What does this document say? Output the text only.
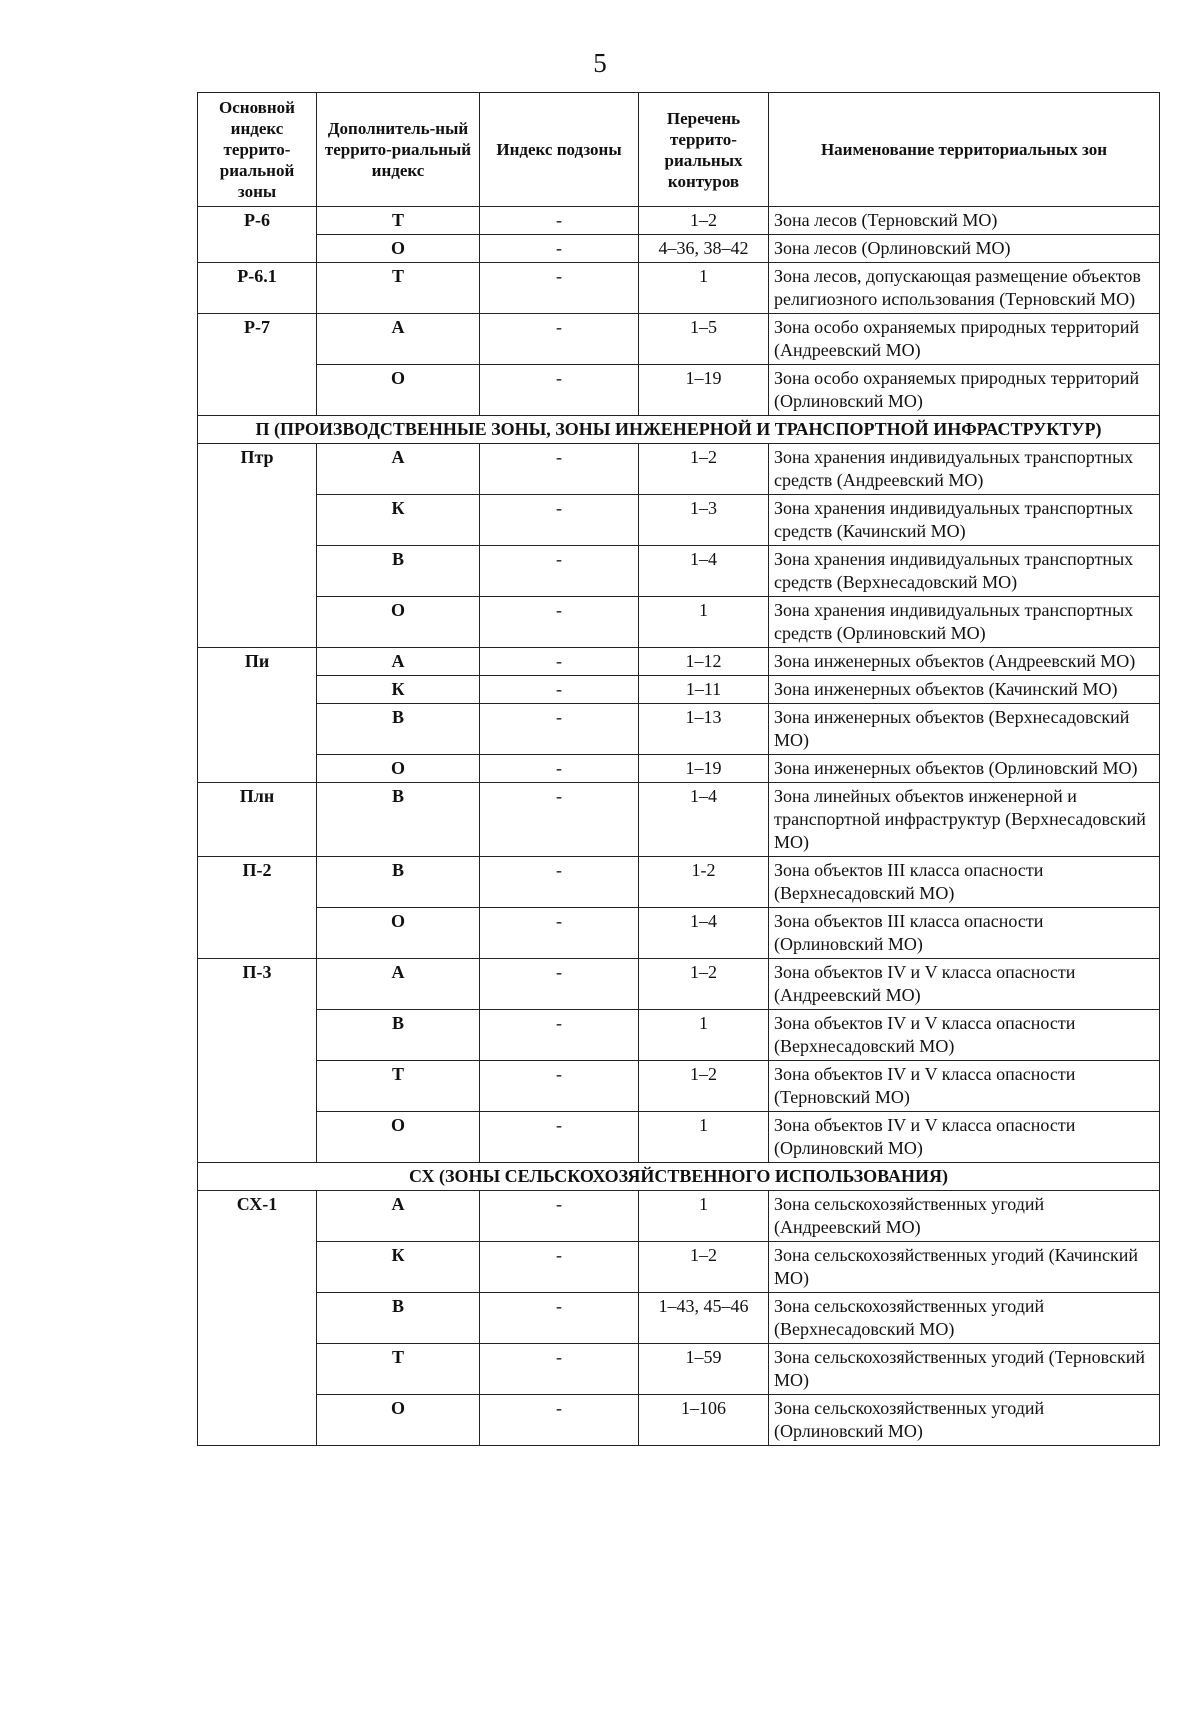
5
Основной индекс террито-риальной зоны	Дополнитель-ный террито-риальный индекс	Индекс подзоны	Перечень террито-риальных контуров	Наименование территориальных зон
Р-6	Т	-	1–2	Зона лесов (Терновский МО)
	О	-	4–36, 38–42	Зона лесов (Орлиновский МО)
Р-6.1	Т	-	1	Зона лесов, допускающая размещение объектов религиозного использования (Терновский МО)
Р-7	А	-	1–5	Зона особо охраняемых природных территорий (Андреевский МО)
	О	-	1–19	Зона особо охраняемых природных территорий (Орлиновский МО)
П (ПРОИЗВОДСТВЕННЫЕ ЗОНЫ, ЗОНЫ ИНЖЕНЕРНОЙ И ТРАНСПОРТНОЙ ИНФРАСТРУКТУР)				
Птр	А	-	1–2	Зона хранения индивидуальных транспортных средств (Андреевский МО)
	К	-	1–3	Зона хранения индивидуальных транспортных средств (Качинский МО)
	В	-	1–4	Зона хранения индивидуальных транспортных средств (Верхнесадовский МО)
	О	-	1	Зона хранения индивидуальных транспортных средств (Орлиновский МО)
Пи	А	-	1–12	Зона инженерных объектов (Андреевский МО)
	К	-	1–11	Зона инженерных объектов (Качинский МО)
	В	-	1–13	Зона инженерных объектов (Верхнесадовский МО)
	О	-	1–19	Зона инженерных объектов (Орлиновский МО)
Плн	В	-	1–4	Зона линейных объектов инженерной и транспортной инфраструктур (Верхнесадовский МО)
П-2	В	-	1-2	Зона объектов III класса опасности (Верхнесадовский МО)
	О	-	1–4	Зона объектов III класса опасности (Орлиновский МО)
П-3	А	-	1–2	Зона объектов IV и V класса опасности (Андреевский МО)
	В	-	1	Зона объектов IV и V класса опасности (Верхнесадовский МО)
	Т	-	1–2	Зона объектов IV и V класса опасности (Терновский МО)
	О	-	1	Зона объектов IV и V класса опасности (Орлиновский МО)
СХ (ЗОНЫ СЕЛЬСКОХОЗЯЙСТВЕННОГО ИСПОЛЬЗОВАНИЯ)				
СХ-1	А	-	1	Зона сельскохозяйственных угодий (Андреевский МО)
	К	-	1–2	Зона сельскохозяйственных угодий (Качинский МО)
	В	-	1–43, 45–46	Зона сельскохозяйственных угодий (Верхнесадовский МО)
	Т	-	1–59	Зона сельскохозяйственных угодий (Терновский МО)
	О	-	1–106	Зона сельскохозяйственных угодий (Орлиновский МО)
